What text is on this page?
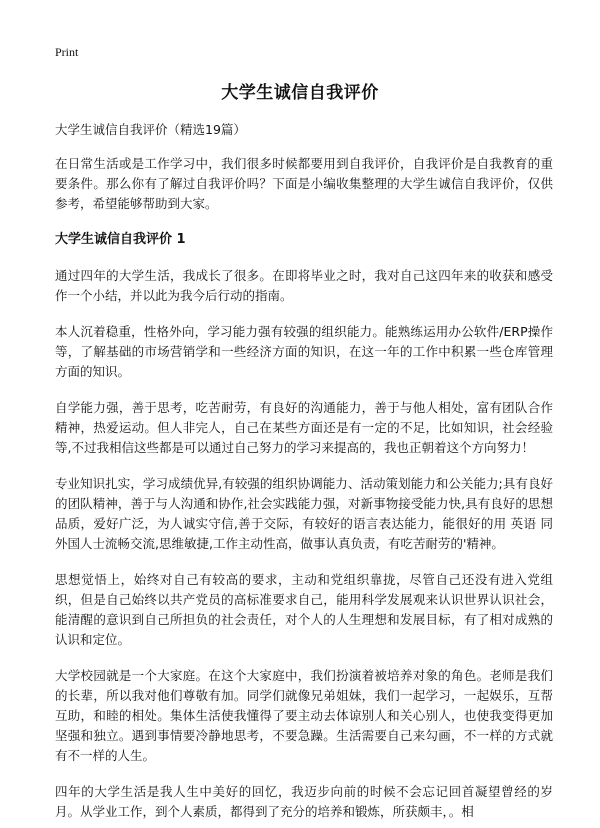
Print
大学生诚信自我评价
大学生诚信自我评价（精选19篇）

在日常生活或是工作学习中，我们很多时候都要用到自我评价，自我评价是自我教育的重要条件。那么你有了解过自我评价吗？下面是小编收集整理的大学生诚信自我评价，仅供参考，希望能够帮助到大家。

大学生诚信自我评价 1

通过四年的大学生活，我成长了很多。在即将毕业之时，我对自己这四年来的收获和感受作一个小结，并以此为我今后行动的指南。

本人沉着稳重，性格外向，学习能力强有较强的组织能力。能熟练运用办公软件/ERP操作等，了解基础的市场营销学和一些经济方面的知识，在这一年的工作中积累一些仓库管理方面的知识。

自学能力强，善于思考，吃苦耐劳，有良好的沟通能力，善于与他人相处，富有团队合作精神，热爱运动。但人非完人，自己在某些方面还是有一定的不足，比如知识，社会经验等,不过我相信这些都是可以通过自己努力的学习来提高的，我也正朝着这个方向努力！

专业知识扎实，学习成绩优异,有较强的组织协调能力、活动策划能力和公关能力;具有良好的团队精神，善于与人沟通和协作,社会实践能力强，对新事物接受能力快,具有良好的思想品质，爱好广泛，为人诚实守信,善于交际，有较好的语言表达能力，能很好的用 英语 同外国人士流畅交流,思维敏捷,工作主动性高，做事认真负责，有吃苦耐劳的'精神。

思想觉悟上，始终对自己有较高的要求，主动和党组织靠拢，尽管自己还没有进入党组织，但是自己始终以共产党员的高标准要求自己，能用科学发展观来认识世界认识社会，能清醒的意识到自己所担负的社会责任，对个人的人生理想和发展目标，有了相对成熟的认识和定位。

大学校园就是一个大家庭。在这个大家庭中，我们扮演着被培养对象的角色。老师是我们的长辈，所以我对他们尊敬有加。同学们就像兄弟姐妹，我们一起学习，一起娱乐，互帮互助，和睦的相处。集体生活使我懂得了要主动去体谅别人和关心别人，也使我变得更加坚强和独立。遇到事情要冷静地思考，不要急躁。生活需要自己来勾画，不一样的方式就有不一样的人生。

四年的大学生活是我人生中美好的回忆，我迈步向前的时候不会忘记回首凝望曾经的岁月。从学业工作，到个人素质，都得到了充分的培养和锻炼，所获颇丰，。相
